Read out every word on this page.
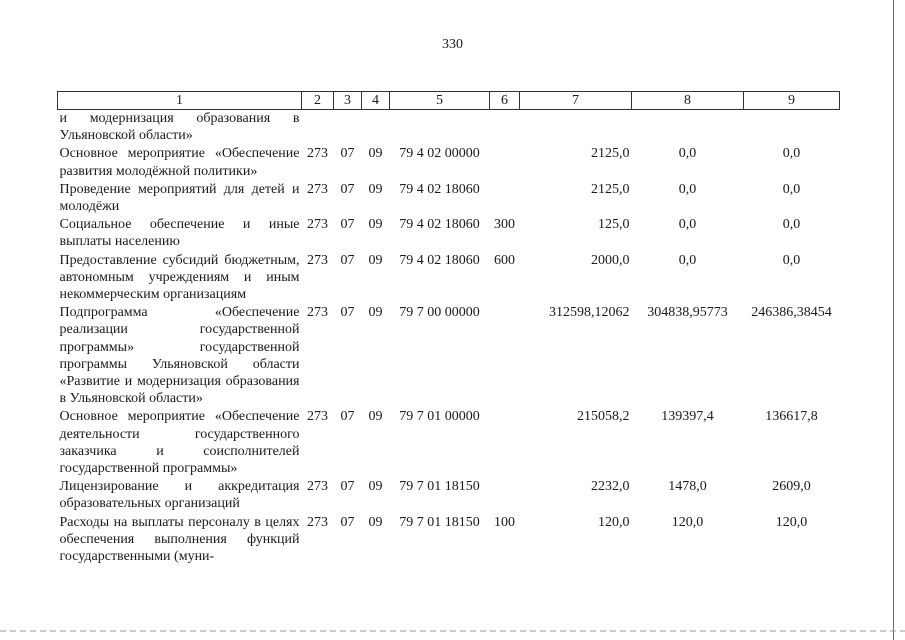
330
1	2	3	4	5	6	7	8	9
и модернизация образования в Ульяновской области»								
Основное мероприятие «Обеспечение развития молодёжной политики»	273	07	09	79 4 02 00000		2125,0	0,0	0,0
Проведение мероприятий для детей и молодёжи	273	07	09	79 4 02 18060		2125,0	0,0	0,0
Социальное обеспечение и иные выплаты населению	273	07	09	79 4 02 18060	300	125,0	0,0	0,0
Предоставление субсидий бюджетным, автономным учреждениям и иным некоммерческим организациям	273	07	09	79 4 02 18060	600	2000,0	0,0	0,0
Подпрограмма «Обеспечение реализации государственной программы» государственной программы Ульяновской области «Развитие и модернизация образования в Ульяновской области»	273	07	09	79 7 00 00000		312598,12062	304838,95773	246386,38454
Основное мероприятие «Обеспечение деятельности государственного заказчика и соисполнителей государственной программы»	273	07	09	79 7 01 00000		215058,2	139397,4	136617,8
Лицензирование и аккредитация образовательных организаций	273	07	09	79 7 01 18150		2232,0	1478,0	2609,0
Расходы на выплаты персоналу в целях обеспечения выполнения функций государственными (муни-	273	07	09	79 7 01 18150	100	120,0	120,0	120,0
